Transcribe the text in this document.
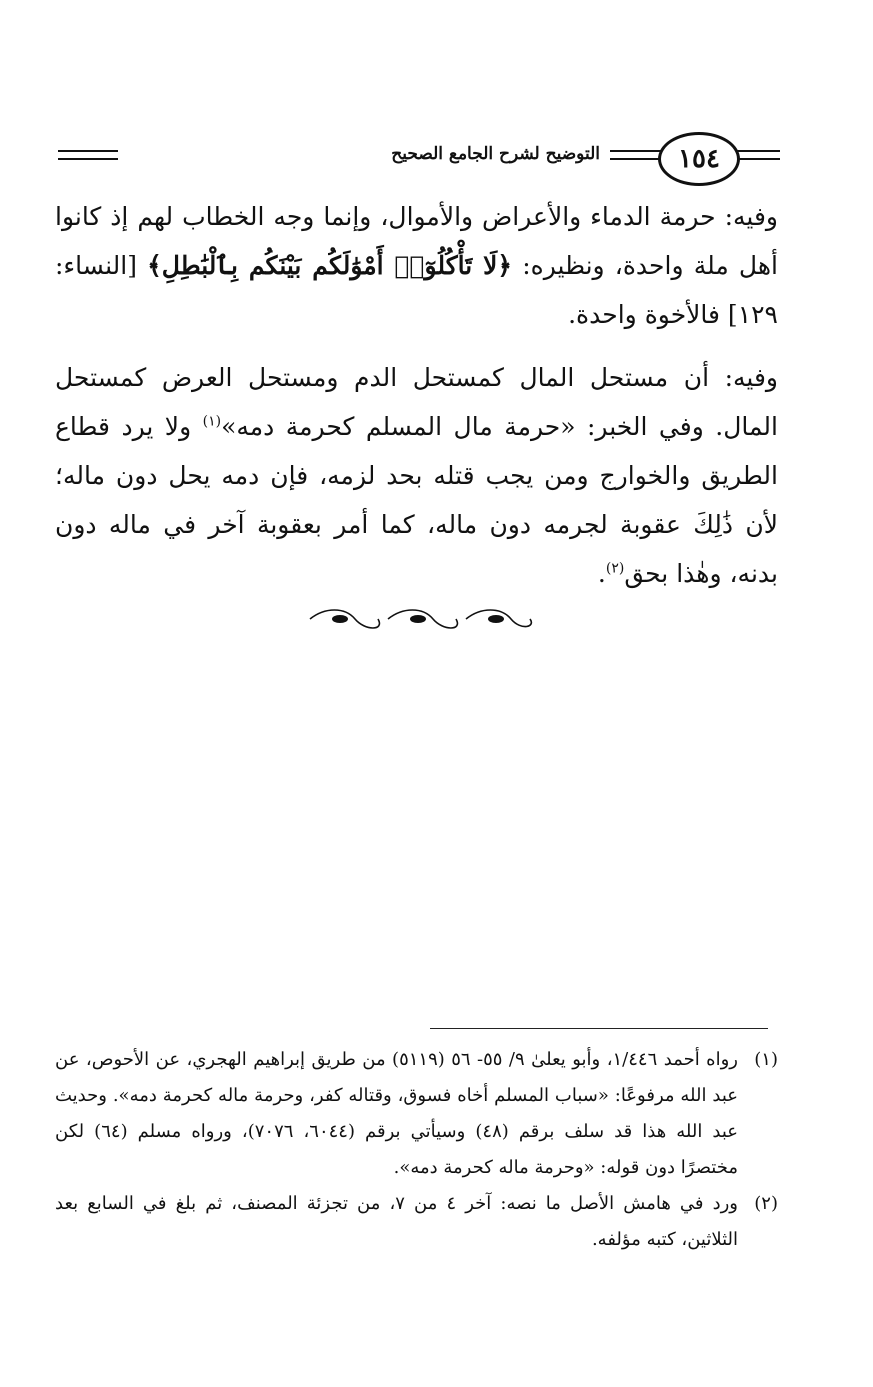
التوضيح لشرح الجامع الصحيح	١٥٤

وفيه: حرمة الدماء والأعراض والأموال، وإنما وجه الخطاب لهم إذ كانوا أهل ملة واحدة، ونظيره: ﴿لَا تَأْكُلُوٓا۟ أَمْوَٰلَكُم بَيْنَكُم بِٱلْبَٰطِلِ﴾ [النساء: ١٢٩] فالأخوة واحدة.

وفيه: أن مستحل المال كمستحل الدم ومستحل العرض كمستحل المال. وفي الخبر: «حرمة مال المسلم كحرمة دمه»$^{(١)}$ ولا يرد قطاع الطريق والخوارج ومن يجب قتله بحد لزمه، فإن دمه يحل دون ماله؛ لأن ذَٰلِكَ عقوبة لجرمه دون ماله، كما أمر بعقوبة آخر في ماله دون بدنه، وهٰذا بحق$^{(٢)}$.

(١)
رواه أحمد ١/٤٤٦، وأبو يعلىٰ ٩/ ٥٥- ٥٦ (٥١١٩) من طريق إبراهيم الهجري، عن الأحوص، عن عبد الله مرفوعًا: «سباب المسلم أخاه فسوق، وقتاله كفر، وحرمة ماله كحرمة دمه». وحديث عبد الله هذا قد سلف برقم (٤٨) وسيأتي برقم (٦٠٤٤، ٧٠٧٦)، ورواه مسلم (٦٤) لكن مختصرًا دون قوله: «وحرمة ماله كحرمة دمه».
(٢)
ورد في هامش الأصل ما نصه: آخر ٤ من ٧، من تجزئة المصنف، ثم بلغ في السابع بعد الثلاثين، كتبه مؤلفه.
